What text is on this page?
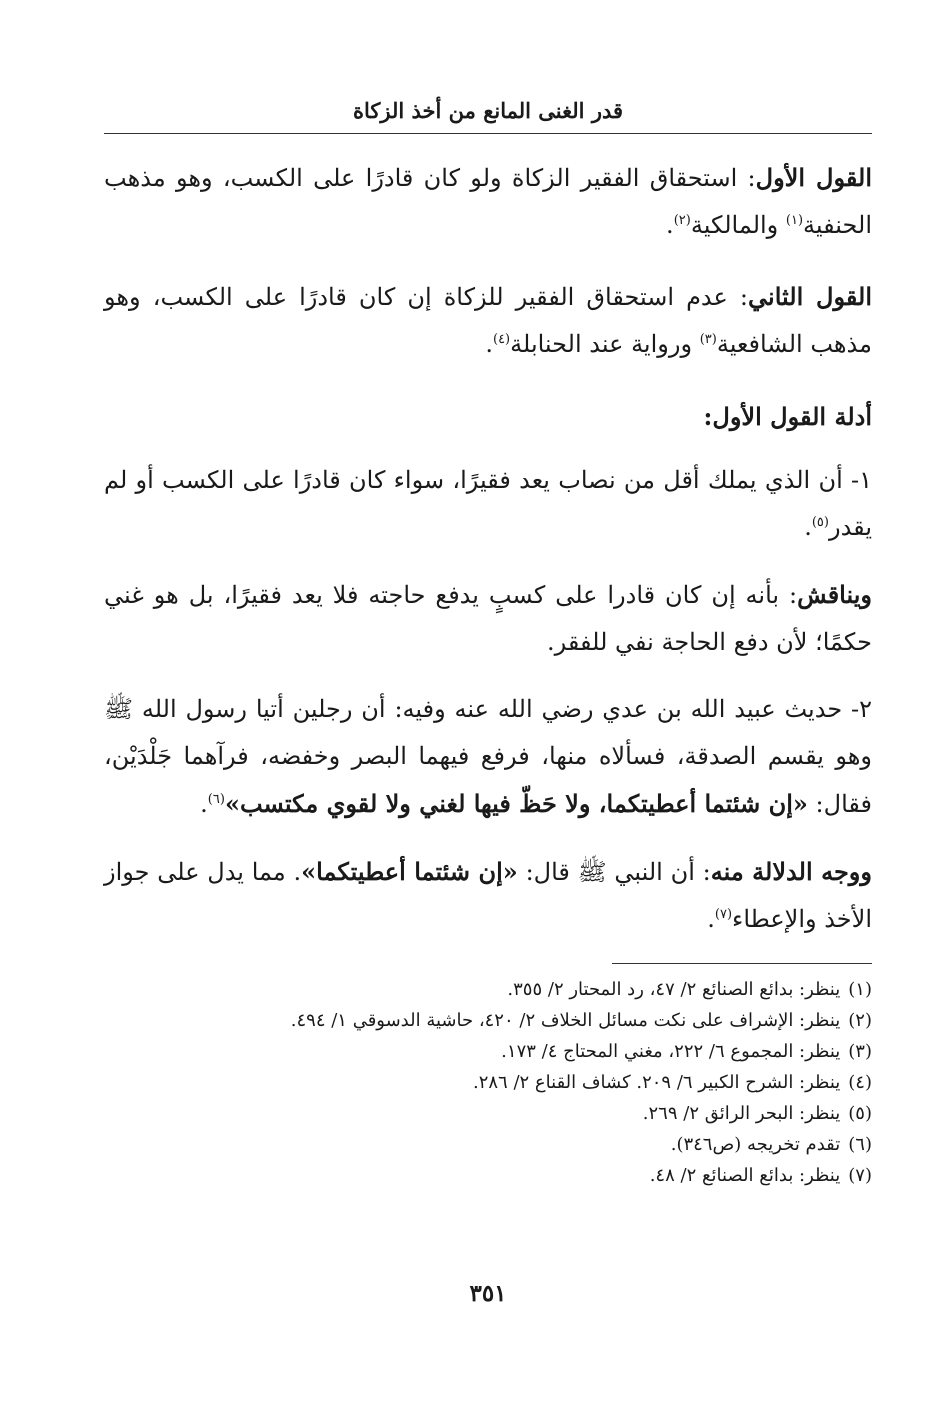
قدر الغنى المانع من أخذ الزكاة

القول الأول: استحقاق الفقير الزكاة ولو كان قادرًا على الكسب، وهو مذهب الحنفية$^{(١)}$ والمالكية$^{(٢)}$.

القول الثاني: عدم استحقاق الفقير للزكاة إن كان قادرًا على الكسب، وهو مذهب الشافعية$^{(٣)}$ ورواية عند الحنابلة$^{(٤)}$.

أدلة القول الأول:

١- أن الذي يملك أقل من نصاب يعد فقيرًا، سواء كان قادرًا على الكسب أو لم يقدر$^{(٥)}$.

ويناقش: بأنه إن كان قادرا على كسبٍ يدفع حاجته فلا يعد فقيرًا، بل هو غني حكمًا؛ لأن دفع الحاجة نفي للفقر.

٢- حديث عبيد الله بن عدي رضي الله عنه وفيه: أن رجلين أتيا رسول الله ﷺ وهو يقسم الصدقة، فسألاه منها، فرفع فيهما البصر وخفضه، فرآهما جَلْدَيْن، فقال: «إن شئتما أعطيتكما، ولا حَظّ فيها لغني ولا لقوي مكتسب»$^{(٦)}$.

ووجه الدلالة منه: أن النبي ﷺ قال: «إن شئتما أعطيتكما». مما يدل على جواز الأخذ والإعطاء$^{(٧)}$.

(١) ينظر: بدائع الصنائع ٢/ ٤٧، رد المحتار ٢/ ٣٥٥.
(٢) ينظر: الإشراف على نكت مسائل الخلاف ٢/ ٤٢٠، حاشية الدسوقي ١/ ٤٩٤.
(٣) ينظر: المجموع ٦/ ٢٢٢، مغني المحتاج ٤/ ١٧٣.
(٤) ينظر: الشرح الكبير ٦/ ٢٠٩. كشاف القناع ٢/ ٢٨٦.
(٥) ينظر: البحر الرائق ٢/ ٢٦٩.
(٦) تقدم تخريجه (ص٣٤٦).
(٧) ينظر: بدائع الصنائع ٢/ ٤٨.
٣٥١
